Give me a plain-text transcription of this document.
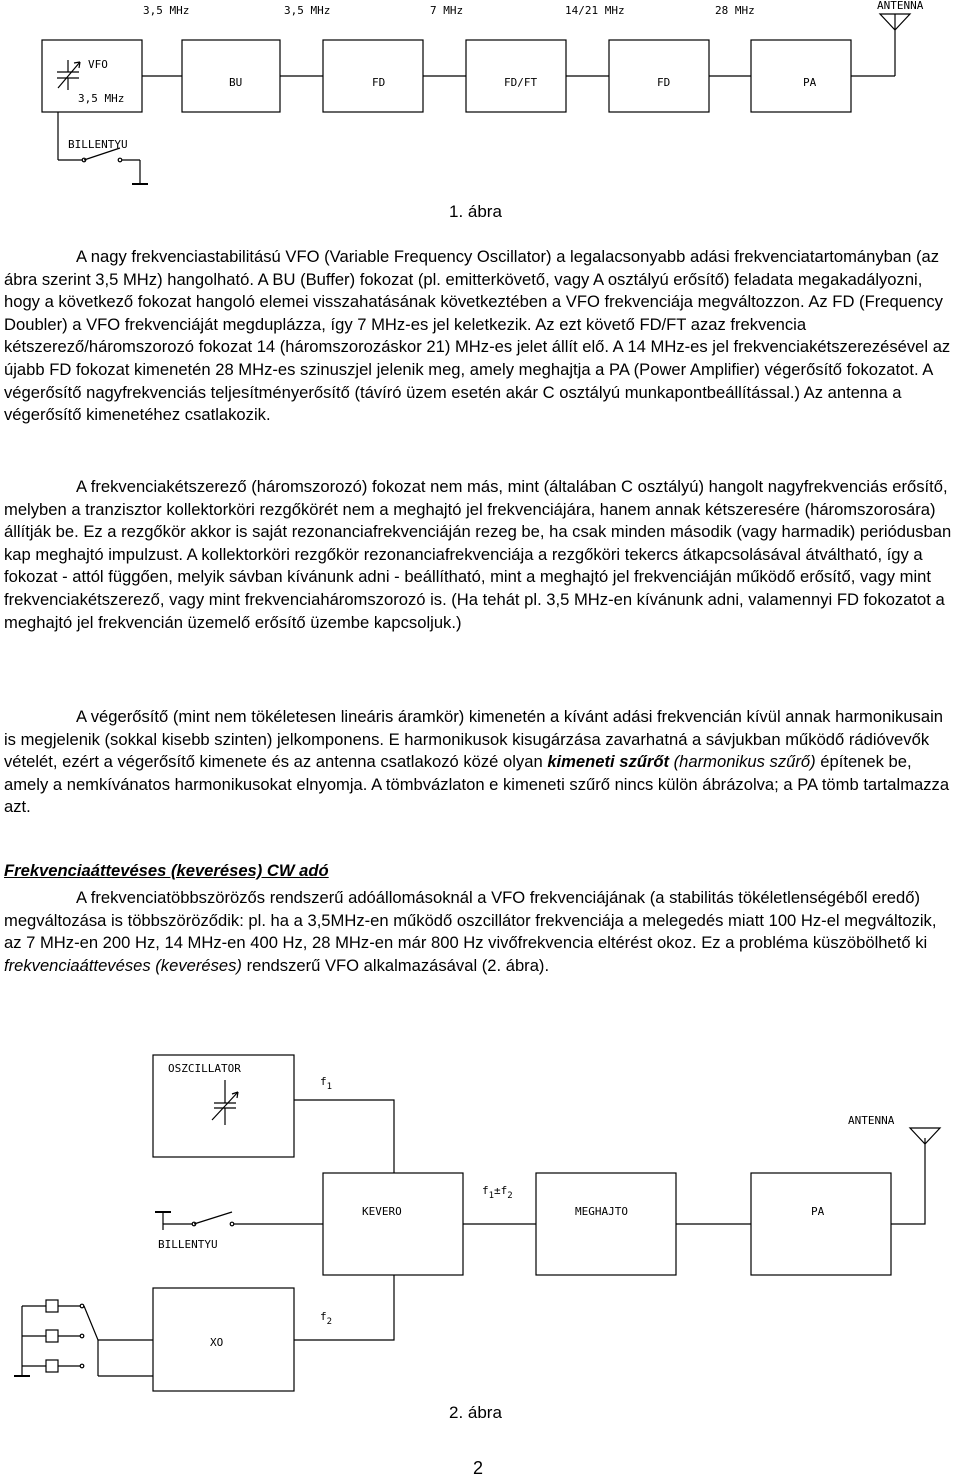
3,5 MHz	3,5 MHz	7 MHz	14/21 MHz	28 MHz	ANTENNA
VFO
3,5 MHz
BU	FD	FD/FT	FD	PA
BILLENTYU
1. ábra

A nagy frekvenciastabilitású VFO (Variable Frequency Oscillator) a legalacsonyabb adási frekvenciatartományban (az ábra szerint 3,5 MHz) hangolható. A BU (Buffer) fokozat (pl. emitterkövető, vagy A osztályú erősítő) feladata megakadályozni, hogy a következő fokozat hangoló elemei visszahatásának következtében a VFO frekvenciája megváltozzon. Az FD (Frequency Doubler) a VFO frekvenciáját megduplázza, így 7 MHz-es jel keletkezik. Az ezt követő FD/FT azaz frekvencia kétszerező/háromszorozó fokozat 14 (háromszorozáskor 21) MHz-es jelet állít elő. A 14 MHz-es jel frekvenciakétszerezésével az újabb FD fokozat kimenetén 28 MHz-es szinuszjel jelenik meg, amely meghajtja a PA (Power Amplifier) végerősítő fokozatot. A végerősítő nagyfrekvenciás teljesítményerősítő (távíró üzem esetén akár C osztályú munkapontbeállítással.) Az antenna a végerősítő kimenetéhez csatlakozik.

A frekvenciakétszerező (háromszorozó) fokozat nem más, mint (általában C osztályú) hangolt nagyfrekvenciás erősítő, melyben a tranzisztor kollektorköri rezgőkörét nem a meghajtó jel frekvenciájára, hanem annak kétszeresére (háromszorosára) állítják be. Ez a rezgőkör akkor is saját rezonanciafrekvenciáján rezeg be, ha csak minden második (vagy harmadik) periódusban kap meghajtó impulzust. A kollektorköri rezgőkör rezonanciafrekvenciája a rezgőköri tekercs átkapcsolásával átváltható, így a fokozat - attól függően, melyik sávban kívánunk adni - beállítható, mint a meghajtó jel frekvenciáján működő erősítő, vagy mint frekvenciakétszerező, vagy mint frekvenciaháromszorozó is. (Ha tehát pl. 3,5 MHz-en kívánunk adni, valamennyi FD fokozatot a meghajtó jel frekvencián üzemelő erősítő üzembe kapcsoljuk.)

A végerősítő (mint nem tökéletesen lineáris áramkör) kimenetén a kívánt adási frekvencián kívül annak harmonikusain is megjelenik (sokkal kisebb szinten) jelkomponens. E harmonikusok kisugárzása zavarhatná a sávjukban működő rádióvevők vételét, ezért a végerősítő kimenete és az antenna csatlakozó közé olyan kimeneti szűrőt (harmonikus szűrő) építenek be, amely a nemkívánatos harmonikusokat elnyomja. A tömbvázlaton e kimeneti szűrő nincs külön ábrázolva; a PA tömb tartalmazza azt.

Frekvenciaáttevéses (keveréses) CW adó

A frekvenciatöbbszörözős rendszerű adóállomásoknál a VFO frekvenciájának (a stabilitás tökéletlenségéből eredő) megváltozása is többszöröződik: pl. ha a 3,5MHz-en működő oszcillátor frekvenciája a melegedés miatt 100 Hz-el megváltozik, az 7 MHz-en 200 Hz, 14 MHz-en 400 Hz, 28 MHz-en már 800 Hz vivőfrekvencia eltérést okoz. Ez a probléma küszöbölhető ki frekvenciaáttevéses (keveréses) rendszerű VFO alkalmazásával (2. ábra).

OSZCILLATOR
$f_1$
$f_1\pm f_2$
ANTENNA
BILLENTYU
KEVERO	MEGHAJTO	PA
$f_2$
XO
2. ábra
2
